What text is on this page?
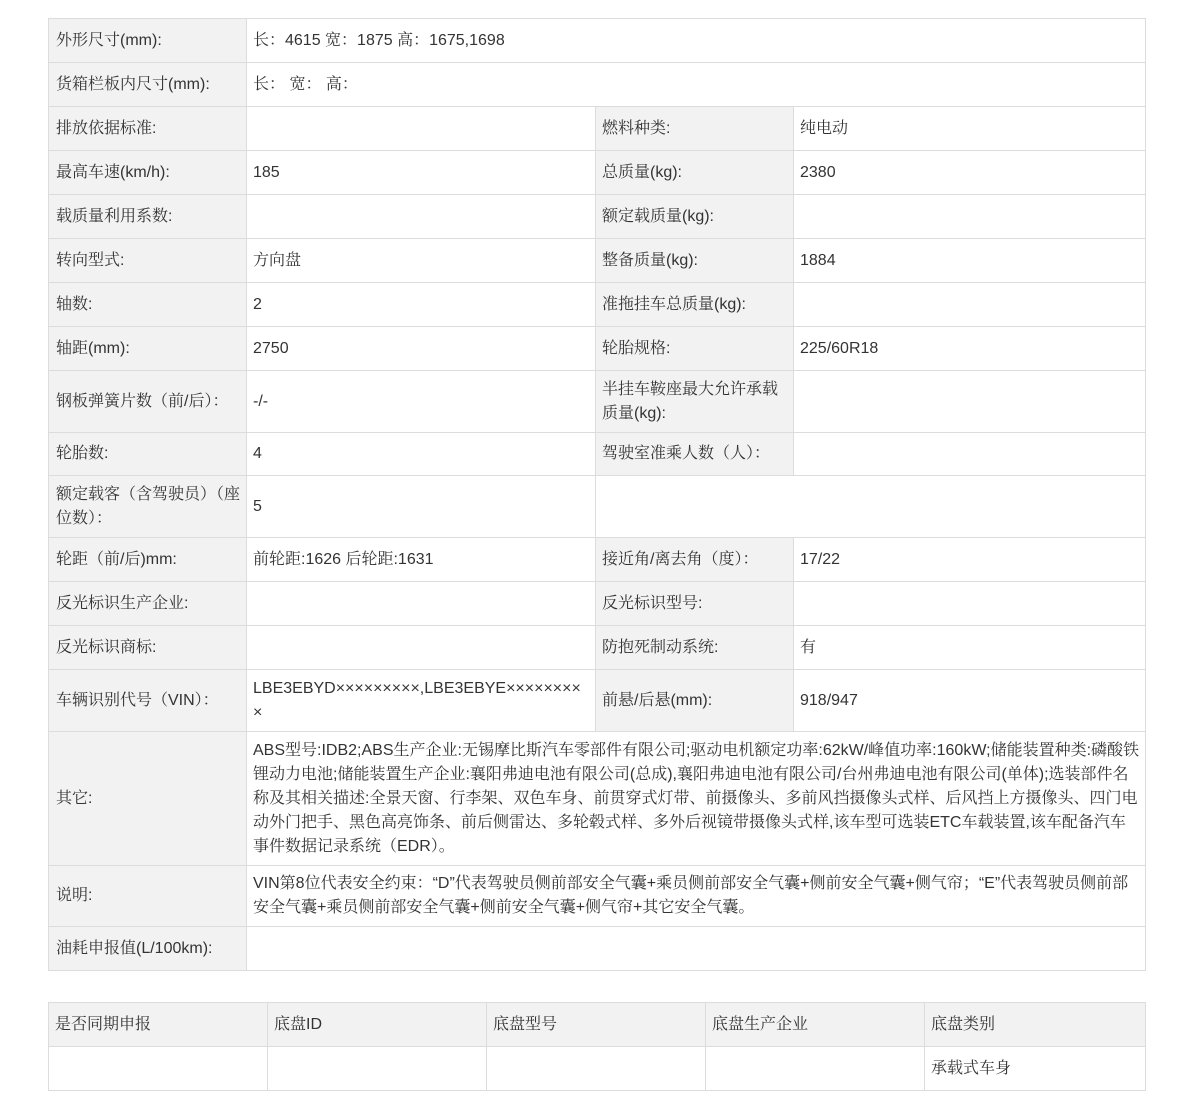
外形尺寸(mm):	长：4615 宽：1875 高：1675,1698		
货箱栏板内尺寸(mm):	长： 宽： 高：		
排放依据标准:		燃料种类:	纯电动
最高车速(km/h):	185	总质量(kg):	2380
载质量利用系数:		额定载质量(kg):	
转向型式:	方向盘	整备质量(kg):	1884
轴数:	2	准拖挂车总质量(kg):	
轴距(mm):	2750	轮胎规格:	225/60R18
钢板弹簧片数（前/后）：	-/-	半挂车鞍座最大允许承载质量(kg):	
轮胎数:	4	驾驶室准乘人数（人）：	
额定载客（含驾驶员）（座位数）：	5		
轮距（前/后)mm:	前轮距:1626 后轮距:1631	接近角/离去角（度）：	17/22
反光标识生产企业:		反光标识型号:	
反光标识商标:		防抱死制动系统:	有
车辆识别代号（VIN）：	LBE3EBYD×××××××××,LBE3EBYE×××××××××	前悬/后悬(mm):	918/947
其它:	ABS型号:IDB2;ABS生产企业:无锡摩比斯汽车零部件有限公司;驱动电机额定功率:62kW/峰值功率:160kW;储能装置种类:磷酸铁锂动力电池;储能装置生产企业:襄阳弗迪电池有限公司(总成),襄阳弗迪电池有限公司/台州弗迪电池有限公司(单体);选装部件名称及其相关描述:全景天窗、行李架、双色车身、前贯穿式灯带、前摄像头、多前风挡摄像头式样、后风挡上方摄像头、四门电动外门把手、黑色高亮饰条、前后侧雷达、多轮毂式样、多外后视镜带摄像头式样,该车型可选装ETC车载装置,该车配备汽车事件数据记录系统（EDR）。		
说明:	VIN第8位代表安全约束：“D”代表驾驶员侧前部安全气囊+乘员侧前部安全气囊+侧前安全气囊+侧气帘；“E”代表驾驶员侧前部安全气囊+乘员侧前部安全气囊+侧前安全气囊+侧气帘+其它安全气囊。		
油耗申报值(L/100km):			
是否同期申报	底盘ID	底盘型号	底盘生产企业	底盘类别
				承载式车身
